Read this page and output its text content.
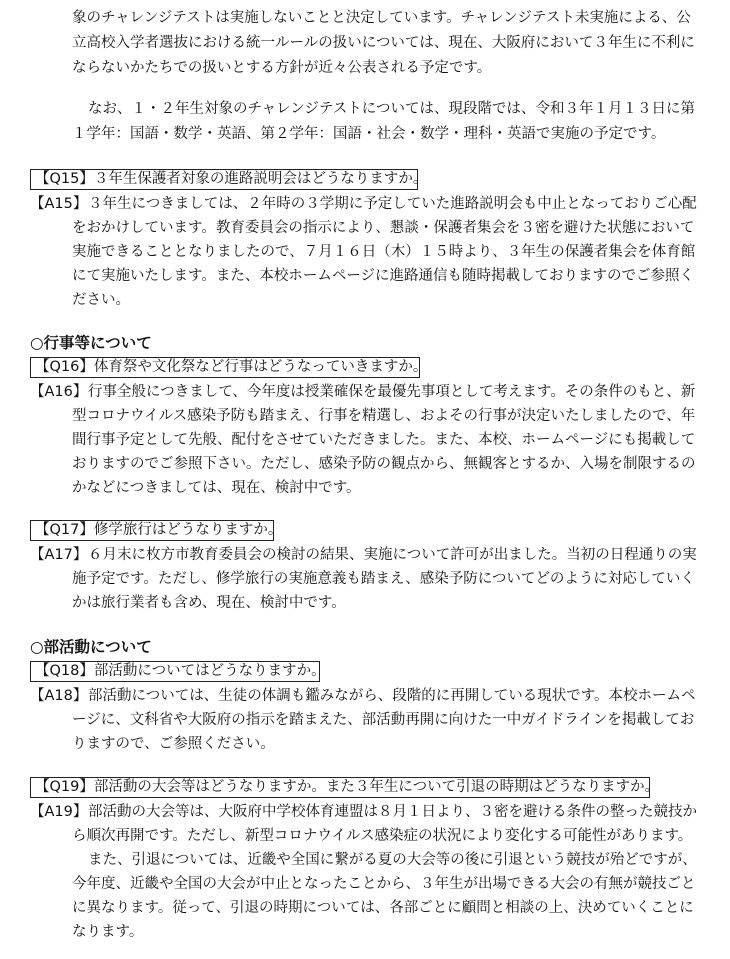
象のチャレンジテストは実施しないことと決定しています。チャレンジテスト未実施による、公
立高校入学者選抜における統一ルールの扱いについては、現在、大阪府において３年生に不利に
ならないかたちでの扱いとする方針が近々公表される予定です。
なお、１・２年生対象のチャレンジテストについては、現段階では、令和３年１月１３日に第
１学年：国語・数学・英語、第２学年：国語・社会・数学・理科・英語で実施の予定です。
【Q15】３年生保護者対象の進路説明会はどうなりますか。
【A15】 ３年生につきましては、２年時の３学期に予定していた進路説明会も中止となっておりご心配
をおかけしています。教育委員会の指示により、懇談・保護者集会を３密を避けた状態において
実施できることとなりましたので、７月１６日（木）１５時より、３年生の保護者集会を体育館
にて実施いたします。また、本校ホームページに進路通信も随時掲載しておりますのでご参照く
ださい。
○行事等について
【Q16】体育祭や文化祭など行事はどうなっていきますか。
【A16】 行事全般につきまして、今年度は授業確保を最優先事項として考えます。その条件のもと、新
型コロナウイルス感染予防も踏まえ、行事を精選し、およその行事が決定いたしましたので、年
間行事予定として先般、配付をさせていただきました。また、本校、ホームページにも掲載して
おりますのでご参照下さい。ただし、感染予防の観点から、無観客とするか、入場を制限するの
かなどにつきましては、現在、検討中です。
【Q17】修学旅行はどうなりますか。
【A17】 ６月末に枚方市教育委員会の検討の結果、実施について許可が出ました。当初の日程通りの実
施予定です。ただし、修学旅行の実施意義も踏まえ、感染予防についてどのように対応していく
かは旅行業者も含め、現在、検討中です。
○部活動について
【Q18】部活動についてはどうなりますか。
【A18】 部活動については、生徒の体調も鑑みながら、段階的に再開している現状です。本校ホームペ
ージに、文科省や大阪府の指示を踏まえた、部活動再開に向けた一中ガイドラインを掲載してお
りますので、ご参照ください。
【Q19】部活動の大会等はどうなりますか。また３年生について引退の時期はどうなりますか。
【A19】 部活動の大会等は、大阪府中学校体育連盟は８月１日より、３密を避ける条件の整った競技か
ら順次再開です。ただし、新型コロナウイルス感染症の状況により変化する可能性があります。
また、引退については、近畿や全国に繋がる夏の大会等の後に引退という競技が殆どですが、
今年度、近畿や全国の大会が中止となったことから、３年生が出場できる大会の有無が競技ごと
に異なります。従って、引退の時期については、各部ごとに顧問と相談の上、決めていくことに
なります。
